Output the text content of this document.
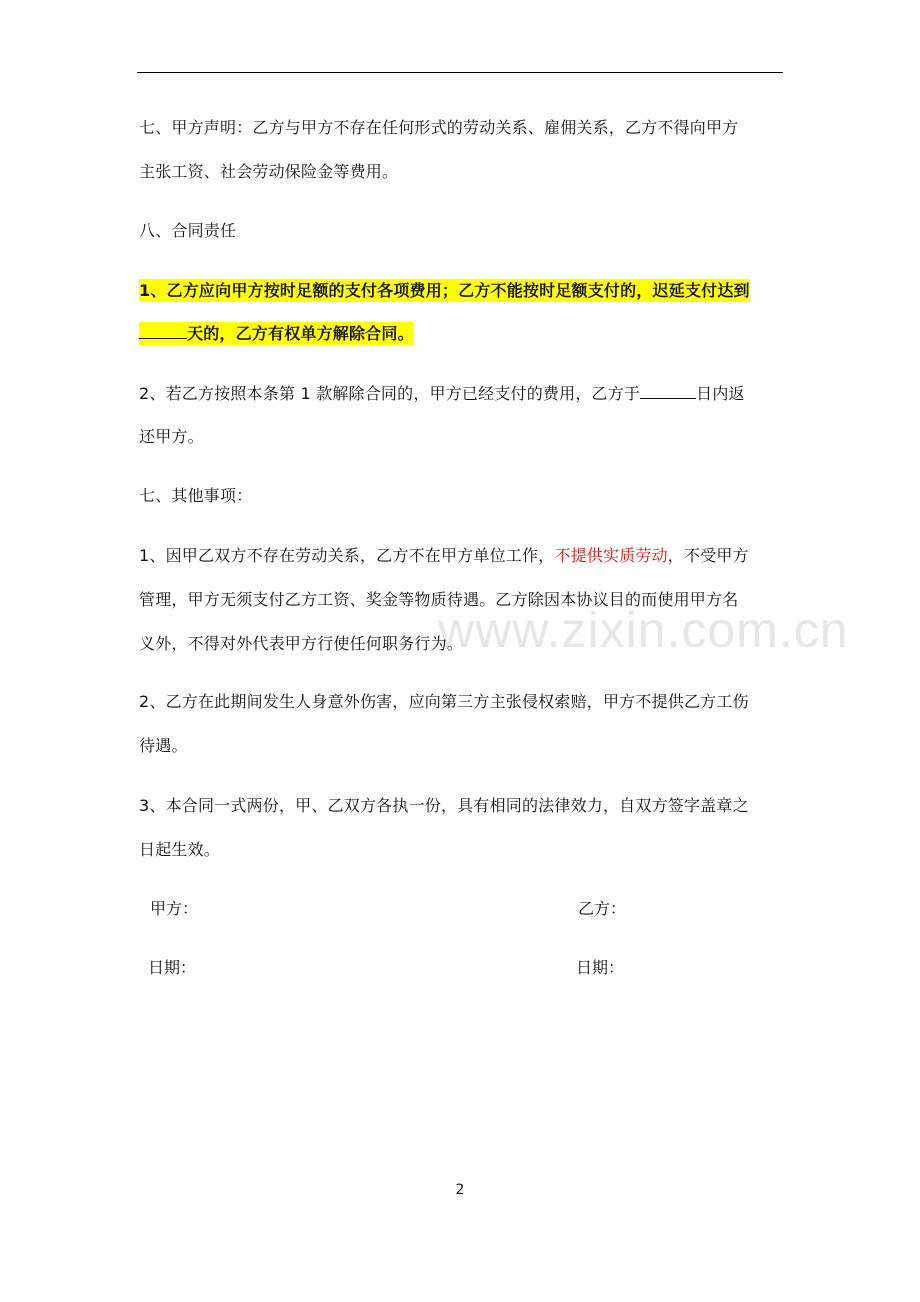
www.zixin.com.cn
七、甲方声明：乙方与甲方不存在任何形式的劳动关系、雇佣关系，乙方不得向甲方
主张工资、社会劳动保险金等费用。
八、合同责任
1、乙方应向甲方按时足额的支付各项费用；乙方不能按时足额支付的，迟延支付达到
天的，乙方有权单方解除合同。
2、若乙方按照本条第 1 款解除合同的，甲方已经支付的费用，乙方于	日内返
还甲方。
七、其他事项：
1、因甲乙双方不存在劳动关系，乙方不在甲方单位工作，不提供实质劳动，不受甲方
管理，甲方无须支付乙方工资、奖金等物质待遇。乙方除因本协议目的而使用甲方名
义外，不得对外代表甲方行使任何职务行为。
2、乙方在此期间发生人身意外伤害，应向第三方主张侵权索赔，甲方不提供乙方工伤
待遇。
3、本合同一式两份，甲、乙双方各执一份，具有相同的法律效力，自双方签字盖章之
日起生效。
甲方：	乙方：
日期：	日期：
2
